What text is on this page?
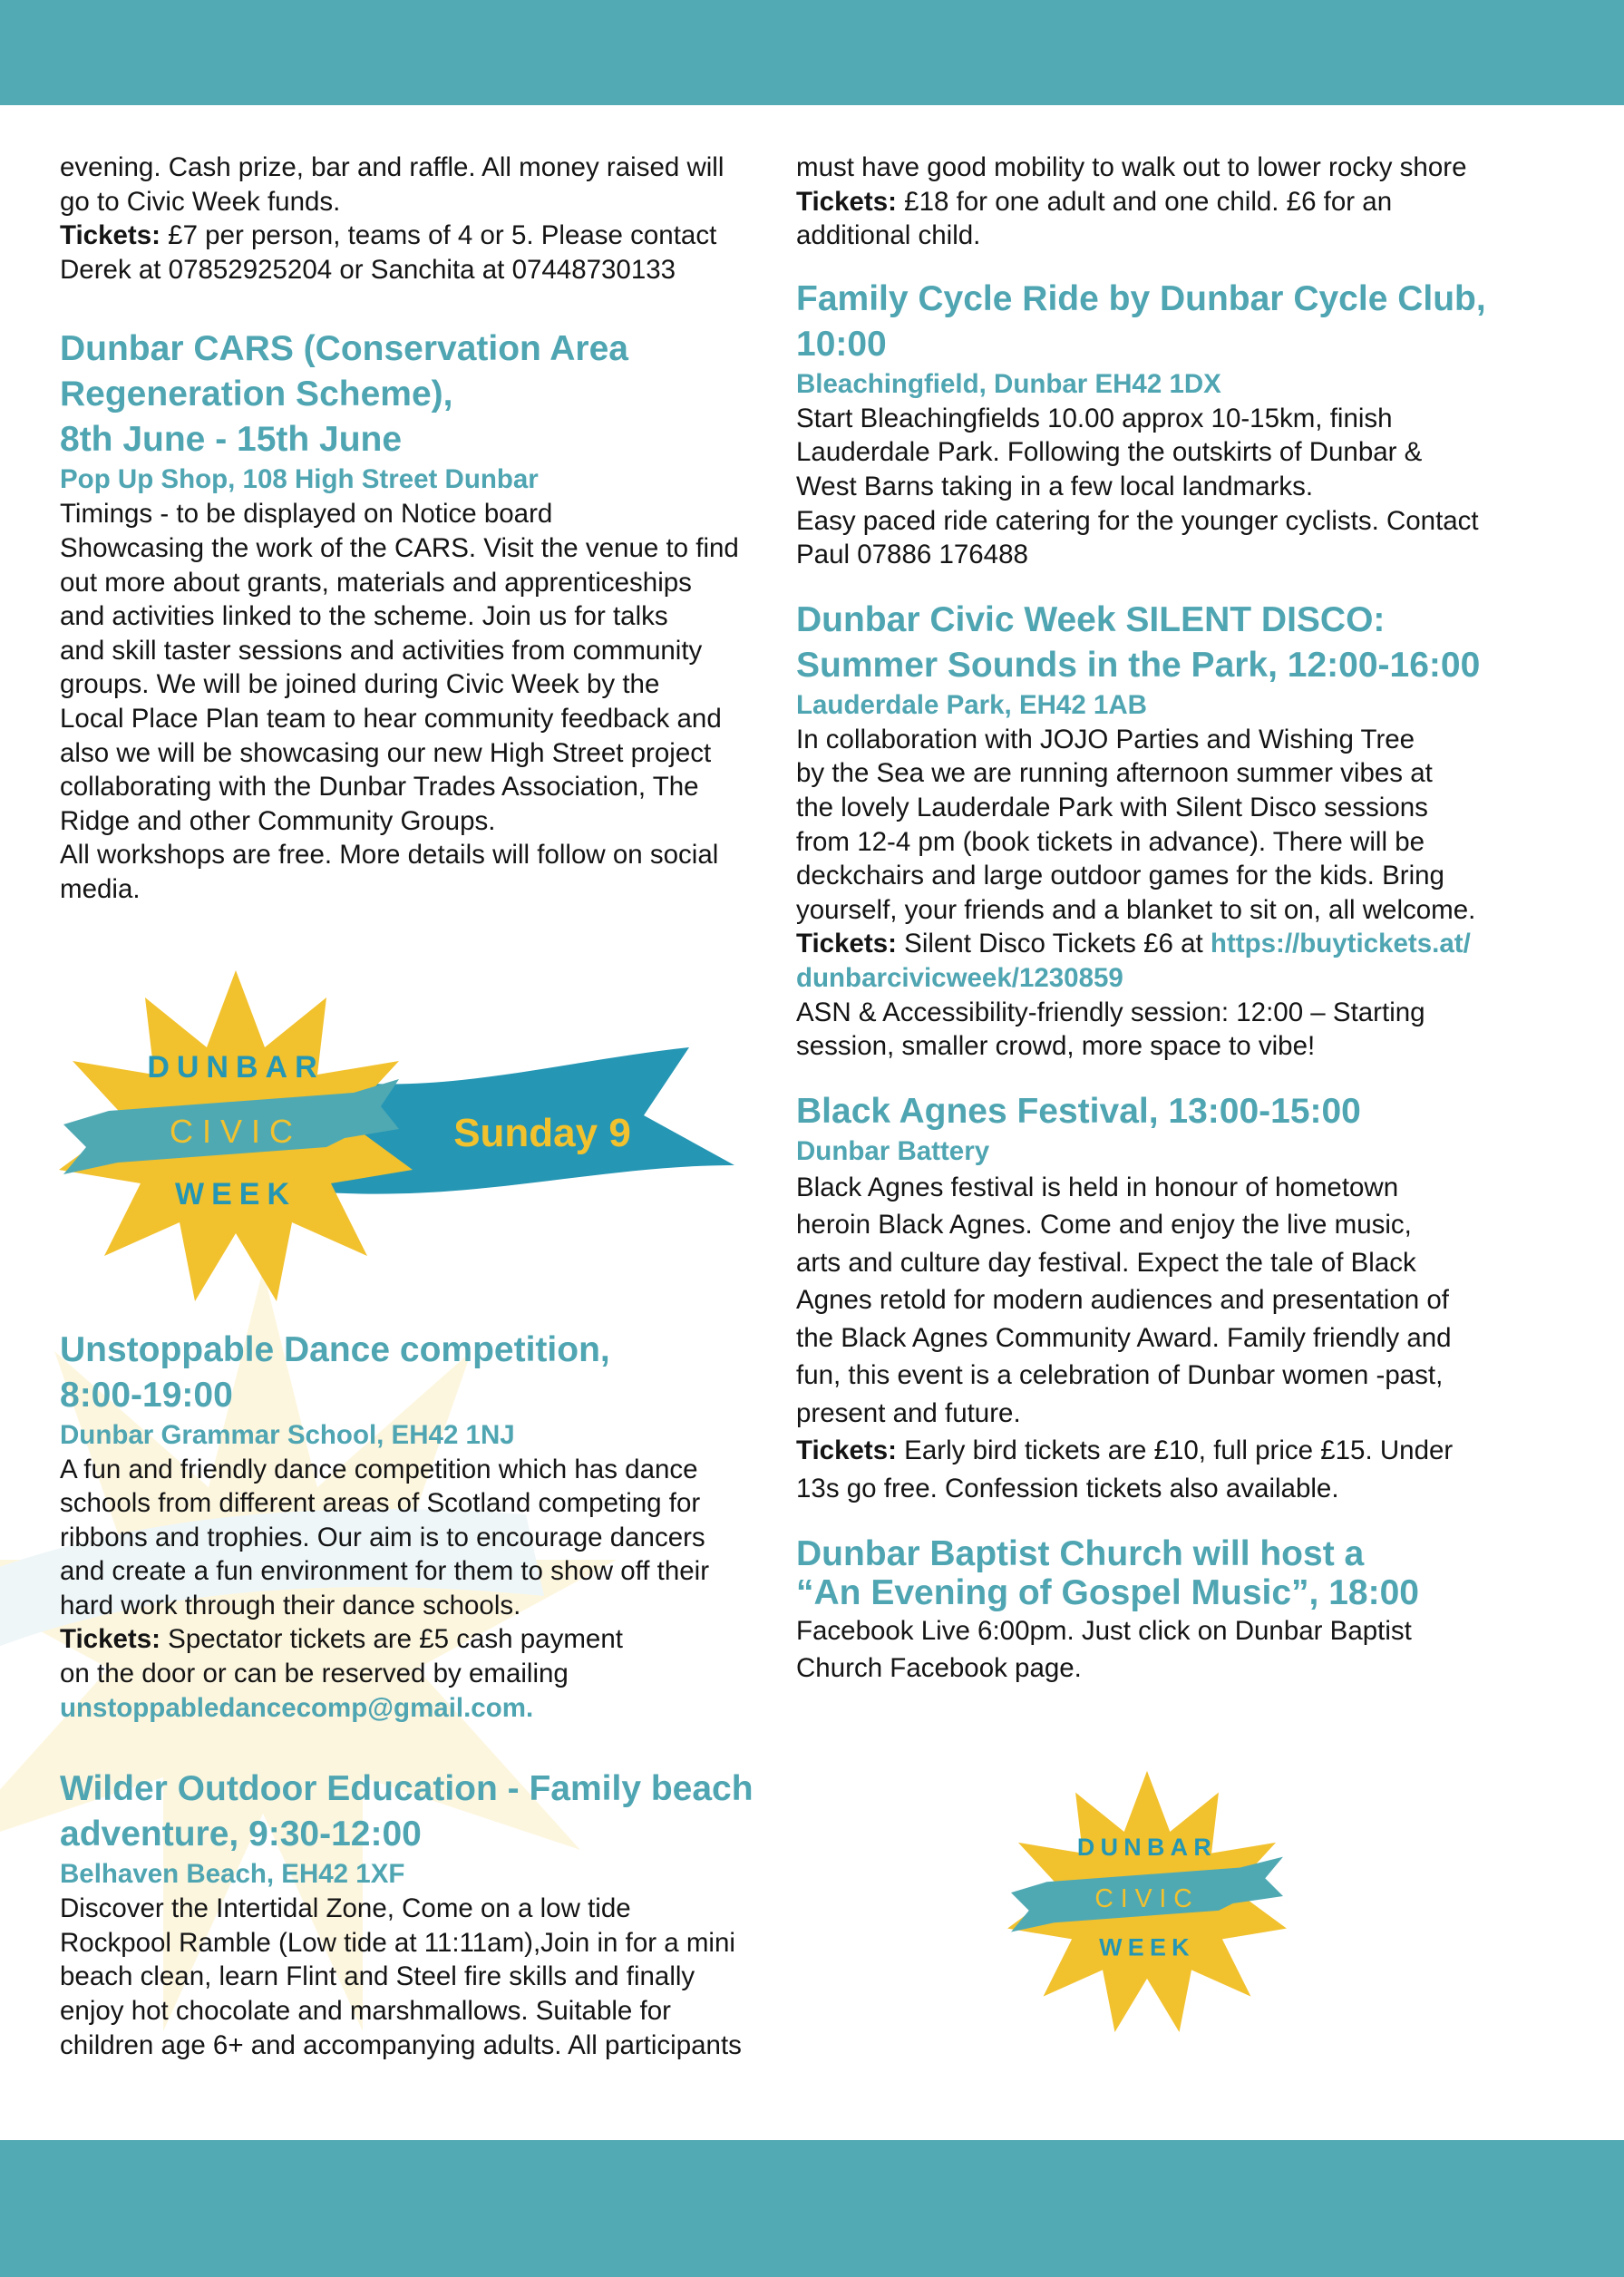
evening. Cash prize, bar and raffle. All money raised will

go to Civic Week funds.

Tickets: £7 per person, teams of 4 or 5. Please contact

Derek at 07852925204 or Sanchita at 07448730133

Dunbar CARS (Conservation Area

Regeneration Scheme),

8th June - 15th June

Pop Up Shop, 108 High Street Dunbar

Timings - to be displayed on Notice board

Showcasing the work of the CARS. Visit the venue to find

out more about grants, materials and apprenticeships

and activities linked to the scheme. Join us for talks

and skill taster sessions and activities from community

groups. We will be joined during Civic Week by the

Local Place Plan team to hear community feedback and

also we will be showcasing our new High Street project

collaborating with the Dunbar Trades Association, The

Ridge and other Community Groups.

All workshops are free. More details will follow on social

media.

Unstoppable Dance competition,

8:00-19:00

Dunbar Grammar School, EH42 1NJ

A fun and friendly dance competition which has dance

schools from different areas of Scotland competing for

ribbons and trophies. Our aim is to encourage dancers

and create a fun environment for them to show off their

hard work through their dance schools.

Tickets: Spectator tickets are £5 cash payment

on the door or can be reserved by emailing

unstoppabledancecomp@gmail.com.

Wilder Outdoor Education - Family beach

adventure, 9:30-12:00

Belhaven Beach, EH42 1XF

Discover the Intertidal Zone, Come on a low tide

Rockpool Ramble (Low tide at 11:11am),Join in for a mini

beach clean, learn Flint and Steel fire skills and finally

enjoy hot chocolate and marshmallows. Suitable for

children age 6+ and accompanying adults. All participants

Sunday 9
DUNBAR
CIVIC
WEEK

must have good mobility to walk out to lower rocky shore

Tickets: £18 for one adult and one child. £6 for an

additional child.

Family Cycle Ride by Dunbar Cycle Club,

10:00

Bleachingfield, Dunbar EH42 1DX

Start Bleachingfields 10.00 approx 10-15km, finish

Lauderdale Park. Following the outskirts of Dunbar &

West Barns taking in a few local landmarks.

Easy paced ride catering for the younger cyclists. Contact

Paul 07886 176488

Dunbar Civic Week SILENT DISCO:

Summer Sounds in the Park, 12:00-16:00

Lauderdale Park, EH42 1AB

In collaboration with JOJO Parties and Wishing Tree

by the Sea we are running afternoon summer vibes at

the lovely Lauderdale Park with Silent Disco sessions

from 12-4 pm (book tickets in advance). There will be

deckchairs and large outdoor games for the kids. Bring

yourself, your friends and a blanket to sit on, all welcome.

Tickets: Silent Disco Tickets £6 at https://buytickets.at/

dunbarcivicweek/1230859

ASN & Accessibility-friendly session: 12:00 – Starting

session, smaller crowd, more space to vibe!

Black Agnes Festival, 13:00-15:00

Dunbar Battery

Black Agnes festival is held in honour of hometown

heroin Black Agnes. Come and enjoy the live music,

arts and culture day festival. Expect the tale of Black

Agnes retold for modern audiences and presentation of

the Black Agnes Community Award. Family friendly and

fun, this event is a celebration of Dunbar women -past,

present and future.

Tickets: Early bird tickets are £10, full price £15. Under

13s go free. Confession tickets also available.

Dunbar Baptist Church will host a

“An Evening of Gospel Music”, 18:00

Facebook Live 6:00pm. Just click on Dunbar Baptist

Church Facebook page.

DUNBAR
CIVIC
WEEK
